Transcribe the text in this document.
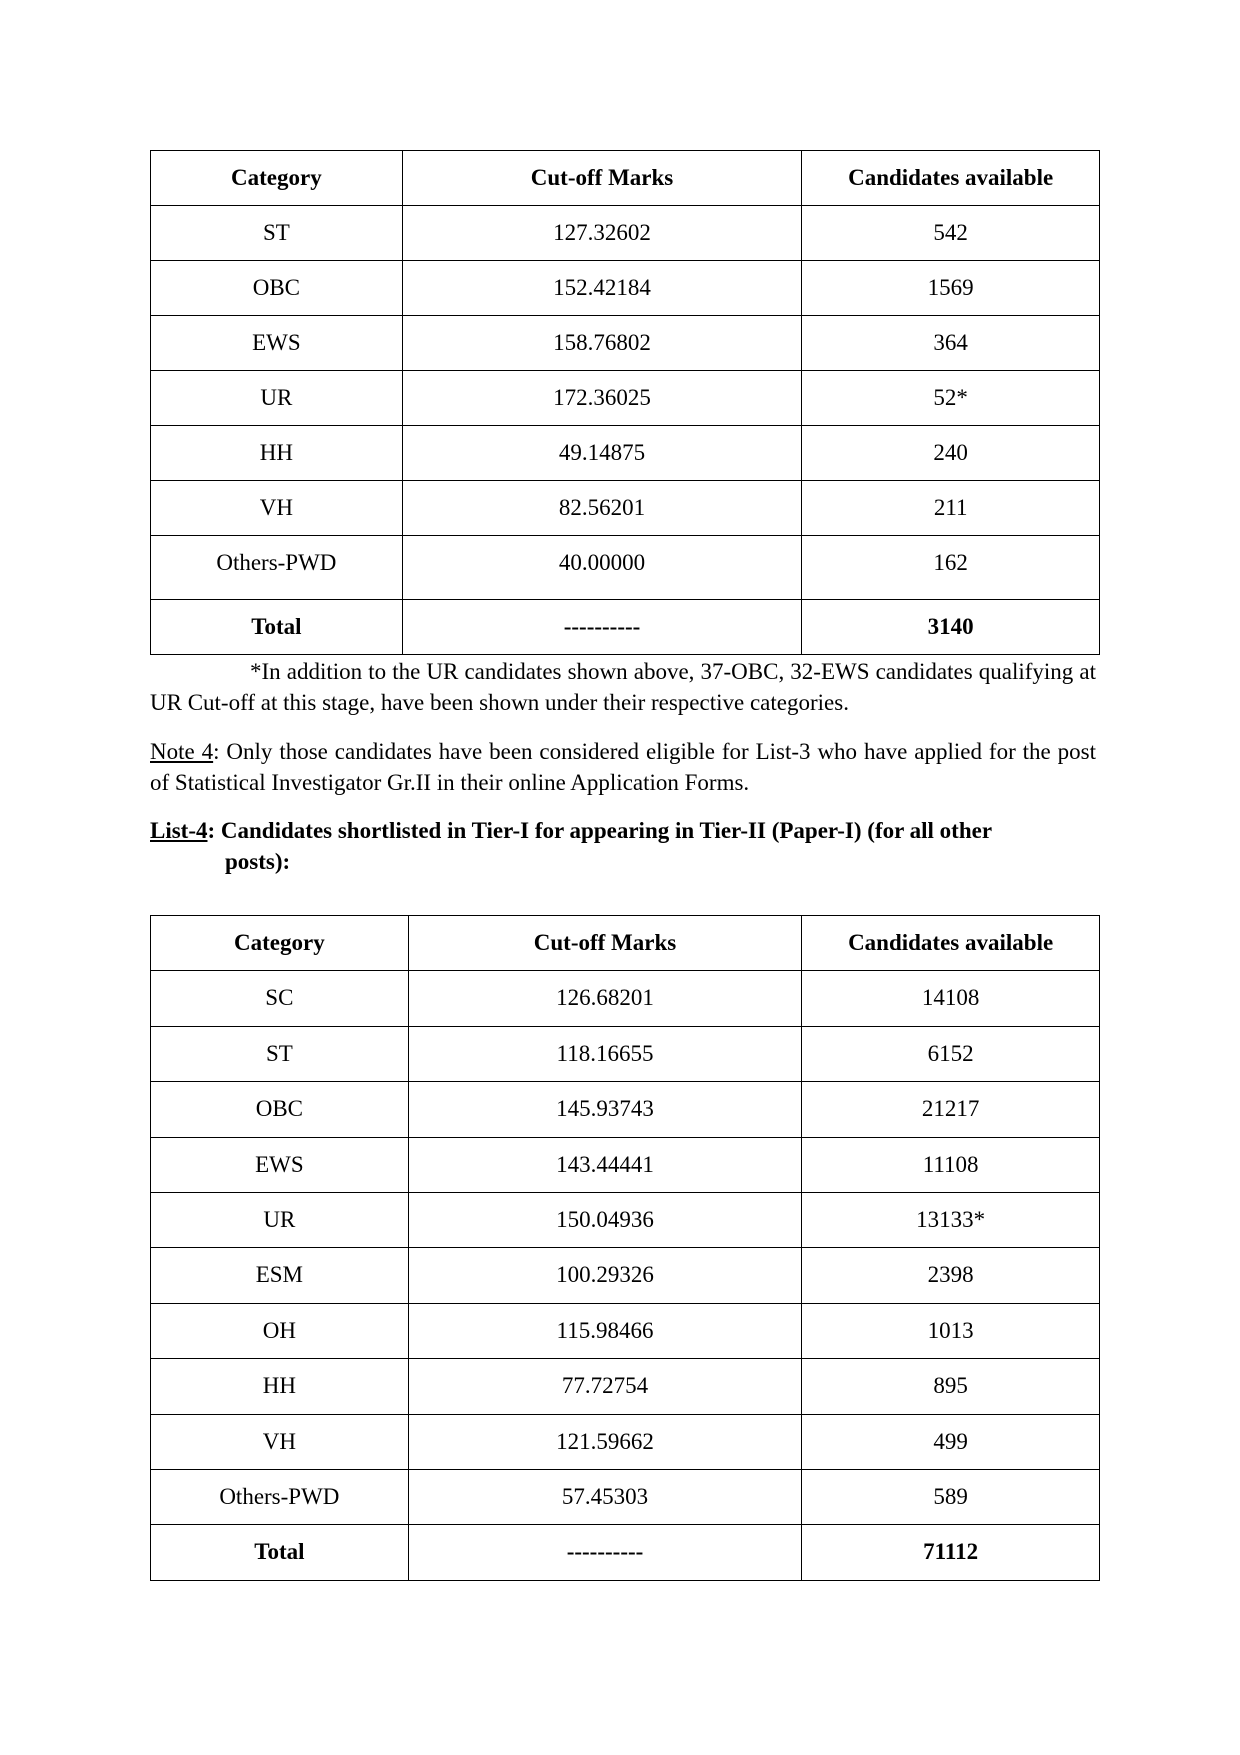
Category	Cut-off Marks	Candidates available
ST	127.32602	542
OBC	152.42184	1569
EWS	158.76802	364
UR	172.36025	52*
HH	49.14875	240
VH	82.56201	211
Others-PWD	40.00000	162
Total	----------	3140
*In addition to the UR candidates shown above, 37-OBC, 32-EWS candidates qualifying at UR Cut-off at this stage, have been shown under their respective categories.
Note 4: Only those candidates have been considered eligible for List-3 who have applied for the post of Statistical Investigator Gr.II in their online Application Forms.
List-4: Candidates shortlisted in Tier-I for appearing in Tier-II (Paper-I) (for all other
posts):
Category	Cut-off Marks	Candidates available
SC	126.68201	14108
ST	118.16655	6152
OBC	145.93743	21217
EWS	143.44441	11108
UR	150.04936	13133*
ESM	100.29326	2398
OH	115.98466	1013
HH	77.72754	895
VH	121.59662	499
Others-PWD	57.45303	589
Total	----------	71112
